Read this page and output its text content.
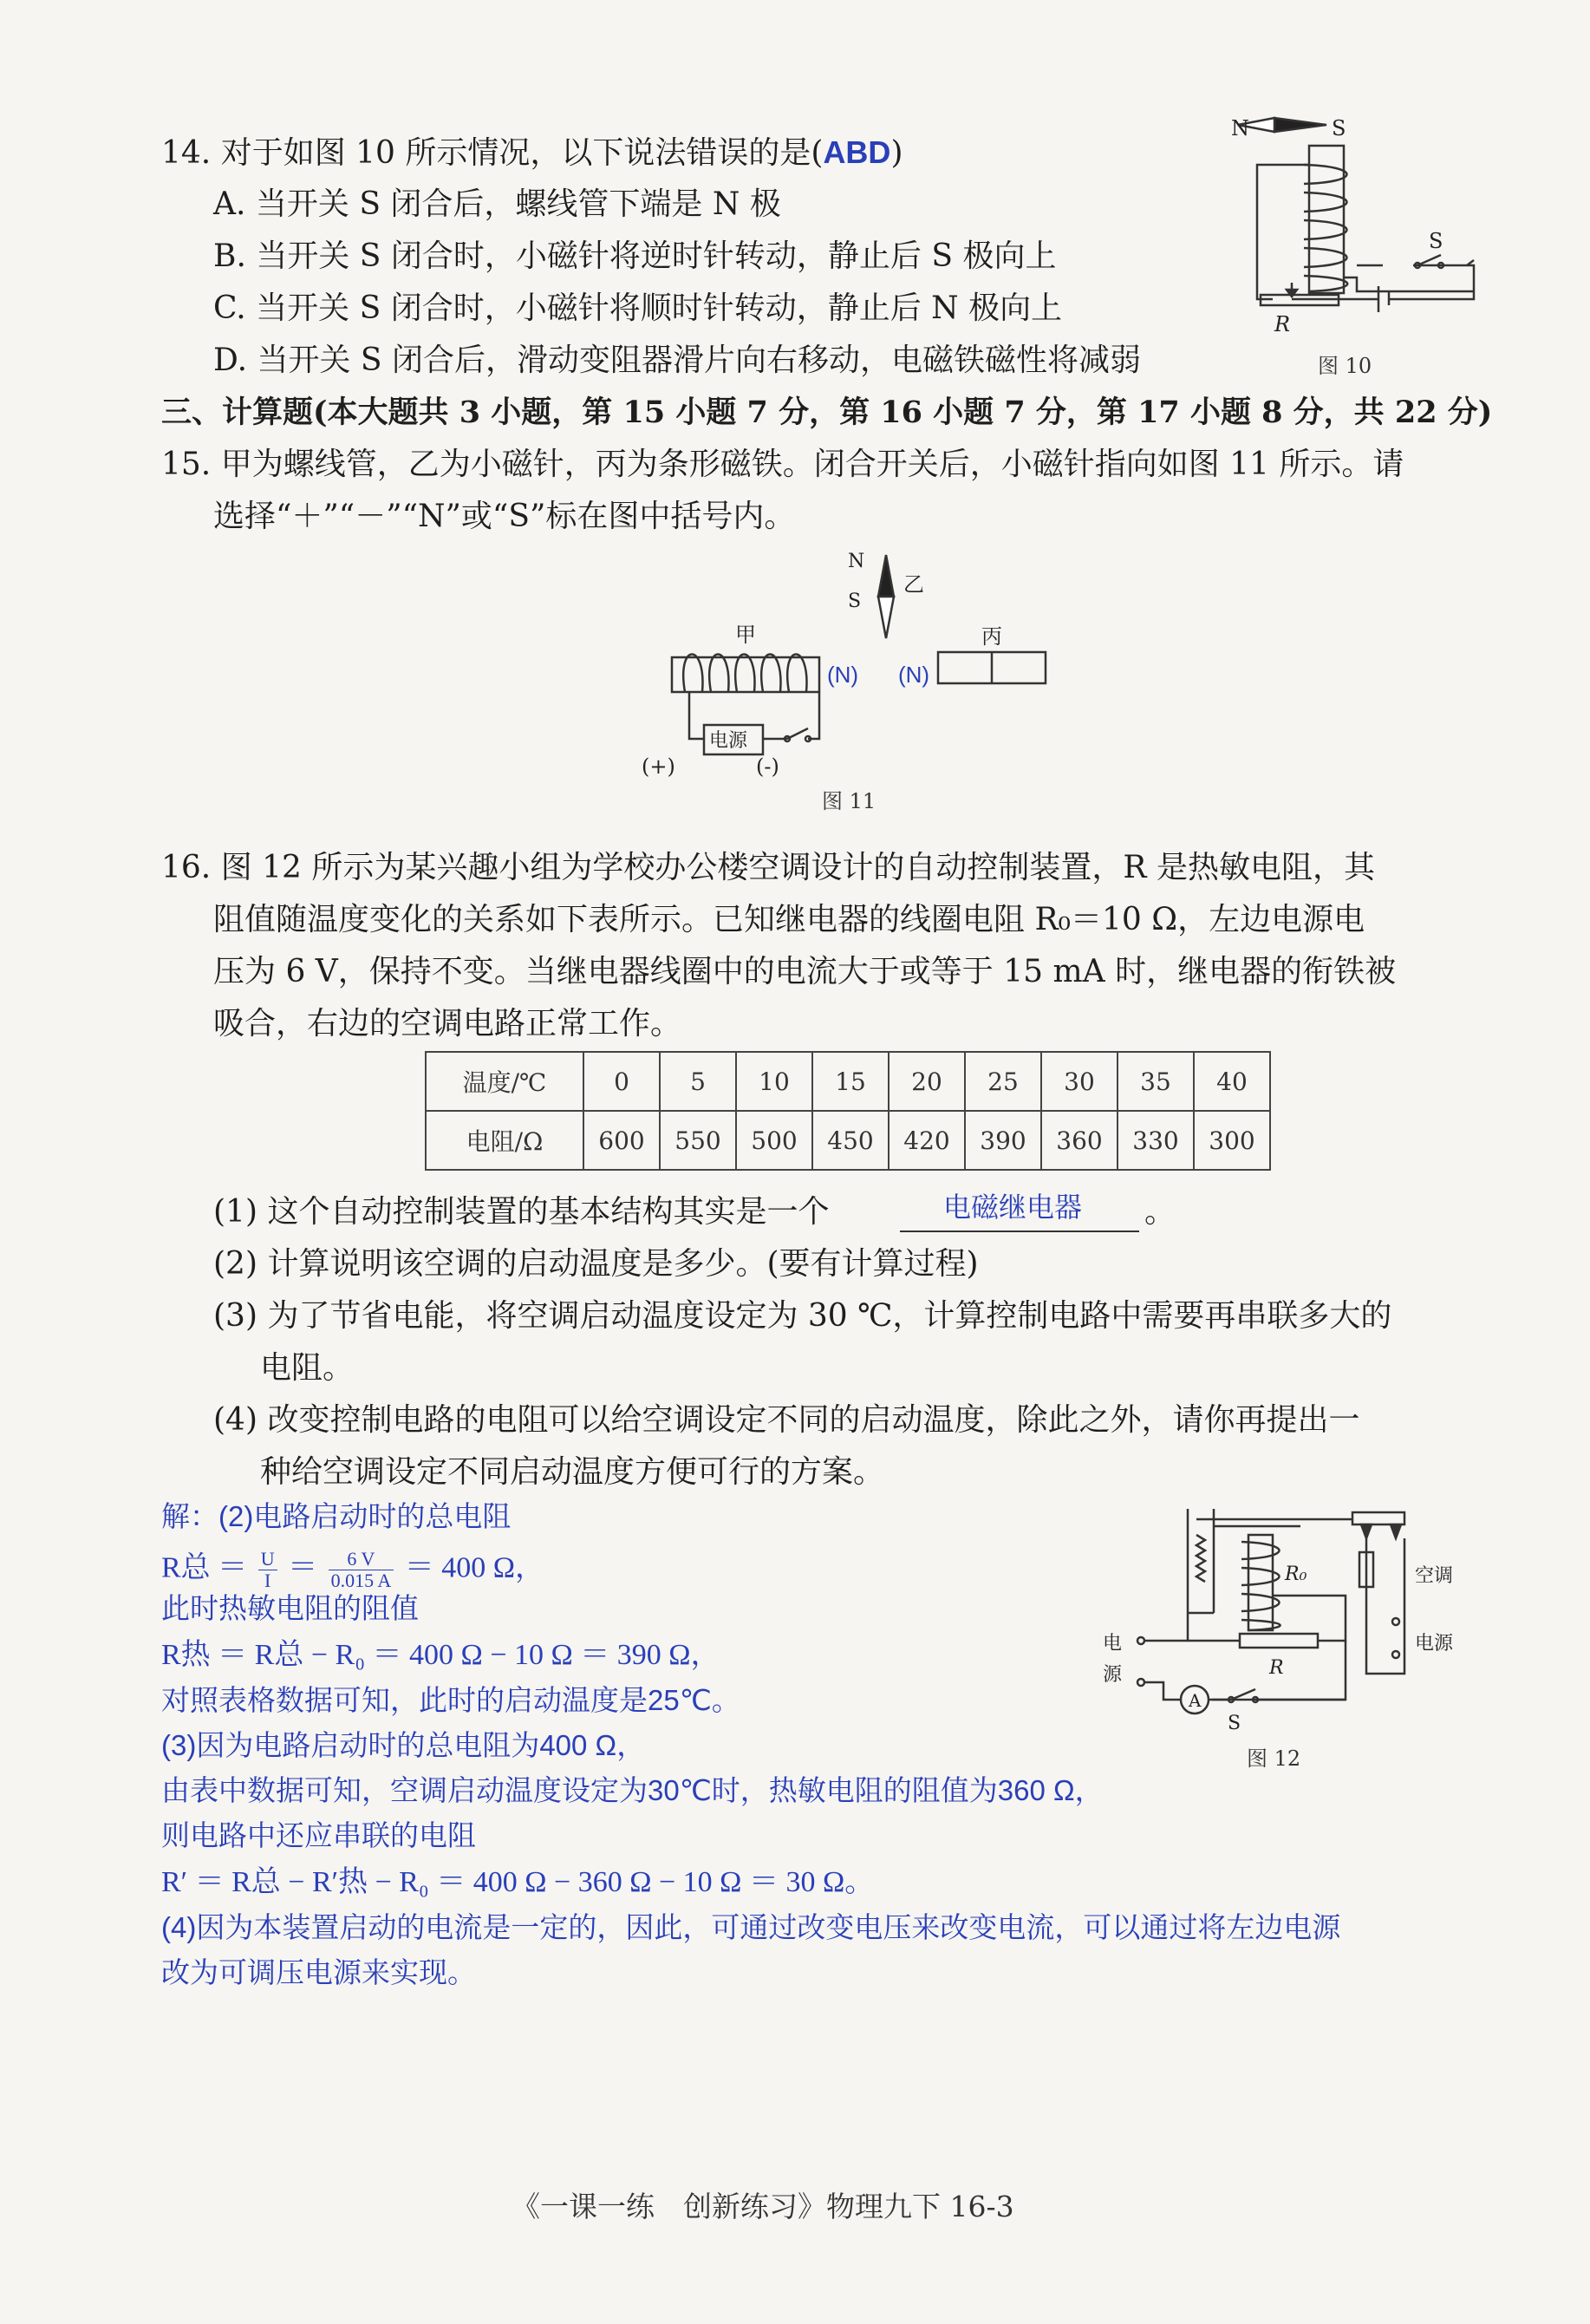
14. 对于如图 10 所示情况，以下说法错误的是(ABD)
A. 当开关 S 闭合后，螺线管下端是 N 极
B. 当开关 S 闭合时，小磁针将逆时针转动，静止后 S 极向上
C. 当开关 S 闭合时，小磁针将顺时针转动，静止后 N 极向上
D. 当开关 S 闭合后，滑动变阻器滑片向右移动，电磁铁磁性将减弱
N	S
S
R
图 10
三、计算题(本大题共 3 小题，第 15 小题 7 分，第 16 小题 7 分，第 17 小题 8 分，共 22 分)
15. 甲为螺线管，乙为小磁针，丙为条形磁铁。闭合开关后，小磁针指向如图 11 所示。请
选择“＋”“－”“N”或“S”标在图中括号内。
N
S
乙
甲	丙
电源
(N) (N)
(+)	(-)
图 11
16. 图 12 所示为某兴趣小组为学校办公楼空调设计的自动控制装置，R 是热敏电阻，其
阻值随温度变化的关系如下表所示。已知继电器的线圈电阻 R₀＝10 Ω，左边电源电
压为 6 V，保持不变。当继电器线圈中的电流大于或等于 15 mA 时，继电器的衔铁被
吸合，右边的空调电路正常工作。
温度/℃	0	5	10	15	20	25	30	35	40
电阻/Ω	600	550	500	450	420	390	360	330	300
(1) 这个自动控制装置的基本结构其实是一个	电磁继电器 。
(2) 计算说明该空调的启动温度是多少。(要有计算过程)
(3) 为了节省电能，将空调启动温度设定为 30 ℃，计算控制电路中需要再串联多大的
电阻。
(4) 改变控制电路的电阻可以给空调设定不同的启动温度，除此之外，请你再提出一
种给空调设定不同启动温度方便可行的方案。
R₀
R
空调
电源
电
源
A
S
图 12
解：(2)电路启动时的总电阻
R总 ＝ $\frac{U}{I} = \frac{6 V}{0.015 A} = 400$ Ω，
此时热敏电阻的阻值
R热 ＝ R总 − R₀ ＝ 400 Ω − 10 Ω ＝ 390 Ω，
对照表格数据可知，此时的启动温度是25℃。
(3)因为电路启动时的总电阻为400 Ω，
由表中数据可知，空调启动温度设定为30℃时，热敏电阻的阻值为360 Ω，
则电路中还应串联的电阻
R′ ＝ R总 − R′热 − R₀ ＝ 400 Ω − 360 Ω − 10 Ω ＝ 30 Ω。
(4)因为本装置启动的电流是一定的，因此，可通过改变电压来改变电流，可以通过将左边电源
改为可调压电源来实现。
《一课一练　创新练习》物理九下 16-3
